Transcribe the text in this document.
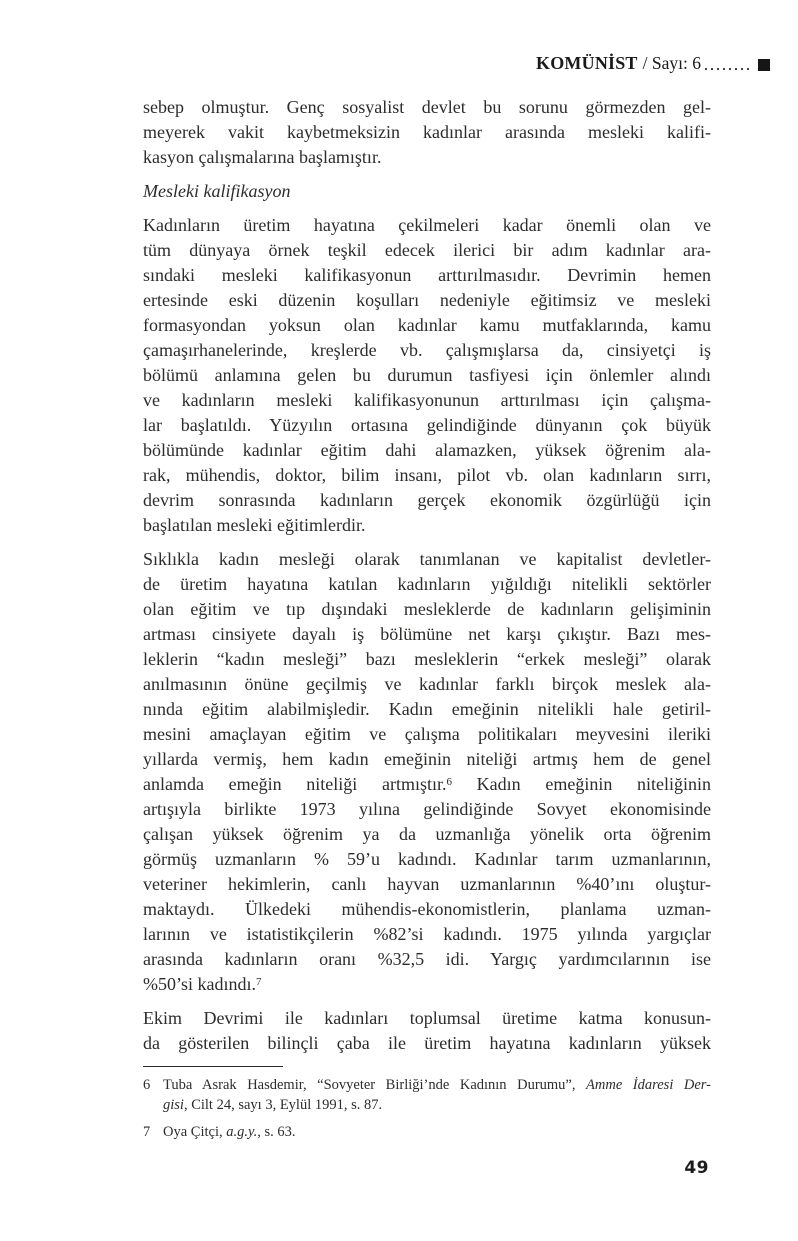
KOMÜNİST / Sayı: 6
sebep olmuştur. Genç sosyalist devlet bu sorunu görmezden gel-
meyerek vakit kaybetmeksizin kadınlar arasında mesleki kalifi-
kasyon çalışmalarına başlamıştır.
Mesleki kalifikasyon
Kadınların üretim hayatına çekilmeleri kadar önemli olan ve
tüm dünyaya örnek teşkil edecek ilerici bir adım kadınlar ara-
sındaki mesleki kalifikasyonun arttırılmasıdır. Devrimin hemen
ertesinde eski düzenin koşulları nedeniyle eğitimsiz ve mesleki
formasyondan yoksun olan kadınlar kamu mutfaklarında, kamu
çamaşırhanelerinde, kreşlerde vb. çalışmışlarsa da, cinsiyetçi iş
bölümü anlamına gelen bu durumun tasfiyesi için önlemler alındı
ve kadınların mesleki kalifikasyonunun arttırılması için çalışma-
lar başlatıldı. Yüzyılın ortasına gelindiğinde dünyanın çok büyük
bölümünde kadınlar eğitim dahi alamazken, yüksek öğrenim ala-
rak, mühendis, doktor, bilim insanı, pilot vb. olan kadınların sırrı,
devrim sonrasında kadınların gerçek ekonomik özgürlüğü için
başlatılan mesleki eğitimlerdir.
Sıklıkla kadın mesleği olarak tanımlanan ve kapitalist devletler-
de üretim hayatına katılan kadınların yığıldığı nitelikli sektörler
olan eğitim ve tıp dışındaki mesleklerde de kadınların gelişiminin
artması cinsiyete dayalı iş bölümüne net karşı çıkıştır. Bazı mes-
leklerin “kadın mesleği” bazı mesleklerin “erkek mesleği” olarak
anılmasının önüne geçilmiş ve kadınlar farklı birçok meslek ala-
nında eğitim alabilmişledir. Kadın emeğinin nitelikli hale getiril-
mesini amaçlayan eğitim ve çalışma politikaları meyvesini ileriki
yıllarda vermiş, hem kadın emeğinin niteliği artmış hem de genel
anlamda emeğin niteliği artmıştır.$^6$ Kadın emeğinin niteliğinin
artışıyla birlikte 1973 yılına gelindiğinde Sovyet ekonomisinde
çalışan yüksek öğrenim ya da uzmanlığa yönelik orta öğrenim
görmüş uzmanların % 59’u kadındı. Kadınlar tarım uzmanlarının,
veteriner hekimlerin, canlı hayvan uzmanlarının %40’ını oluştur-
maktaydı. Ülkedeki mühendis-ekonomistlerin, planlama uzman-
larının ve istatistikçilerin %82’si kadındı. 1975 yılında yargıçlar
arasında kadınların oranı %32,5 idi. Yargıç yardımcılarının ise
%50’si kadındı.$^7$
Ekim Devrimi ile kadınları toplumsal üretime katma konusun-
da gösterilen bilinçli çaba ile üretim hayatına kadınların yüksek
6 Tuba Asrak Hasdemir, “Sovyeter Birliği’nde Kadının Durumu”, Amme İdaresi Der-
gisi, Cilt 24, sayı 3, Eylül 1991, s. 87.
7 Oya Çitçi, a.g.y., s. 63.
49
